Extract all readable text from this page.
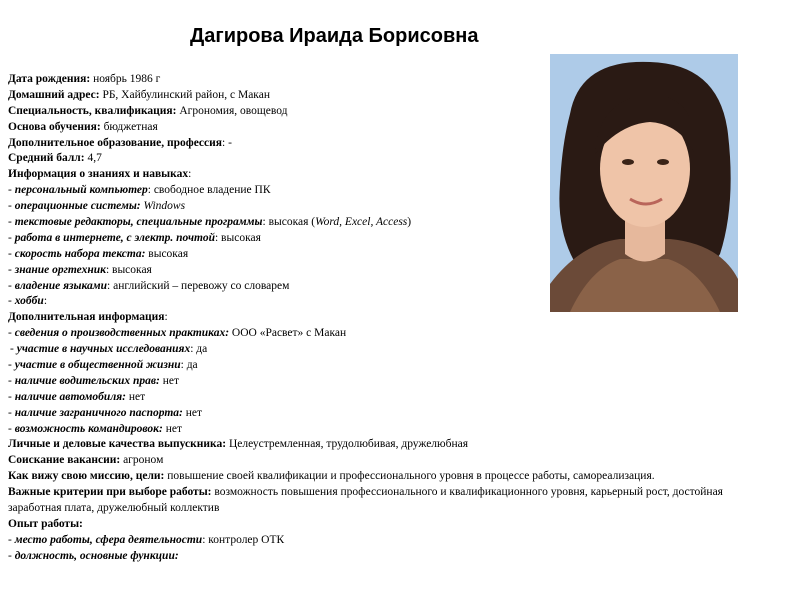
Дагирова Ираида Борисовна
Дата рождения: ноябрь 1986 г
Домашний адрес: РБ, Хайбулинский район, с Макан
Специальность, квалификация: Агрономия, овощевод
Основа обучения: бюджетная
Дополнительное образование, профессия: -
Средний балл: 4,7
Информация о знаниях и навыках:
- персональный компьютер: свободное владение ПК
- операционные системы: Windows
- текстовые редакторы, специальные программы: высокая (Word, Excel, Access)
- работа в интернете, с электр. почтой: высокая
- скорость набора текста: высокая
- знание оргтехник: высокая
- владение языками: английский – перевожу со словарем
- хобби:
Дополнительная информация:
- сведения о производственных практиках: ООО «Расвет» с Макан
- участие в научных исследованиях: да
- участие в общественной жизни: да
- наличие водительских прав: нет
- наличие автомобиля: нет
- наличие заграничного паспорта: нет
- возможность командировок: нет
Личные и деловые качества выпускника: Целеустремленная, трудолюбивая, дружелюбная
Соискание вакансии: агроном
Как вижу свою миссию, цели: повышение своей квалификации и профессионального уровня в процессе работы, самореализация.
Важные критерии при выборе работы: возможность повышения профессионального и квалификационного уровня, карьерный рост, достойная заработная плата, дружелюбный коллектив
Опыт работы:
- место работы, сфера деятельности: контролер ОТК
- должность, основные функции:
